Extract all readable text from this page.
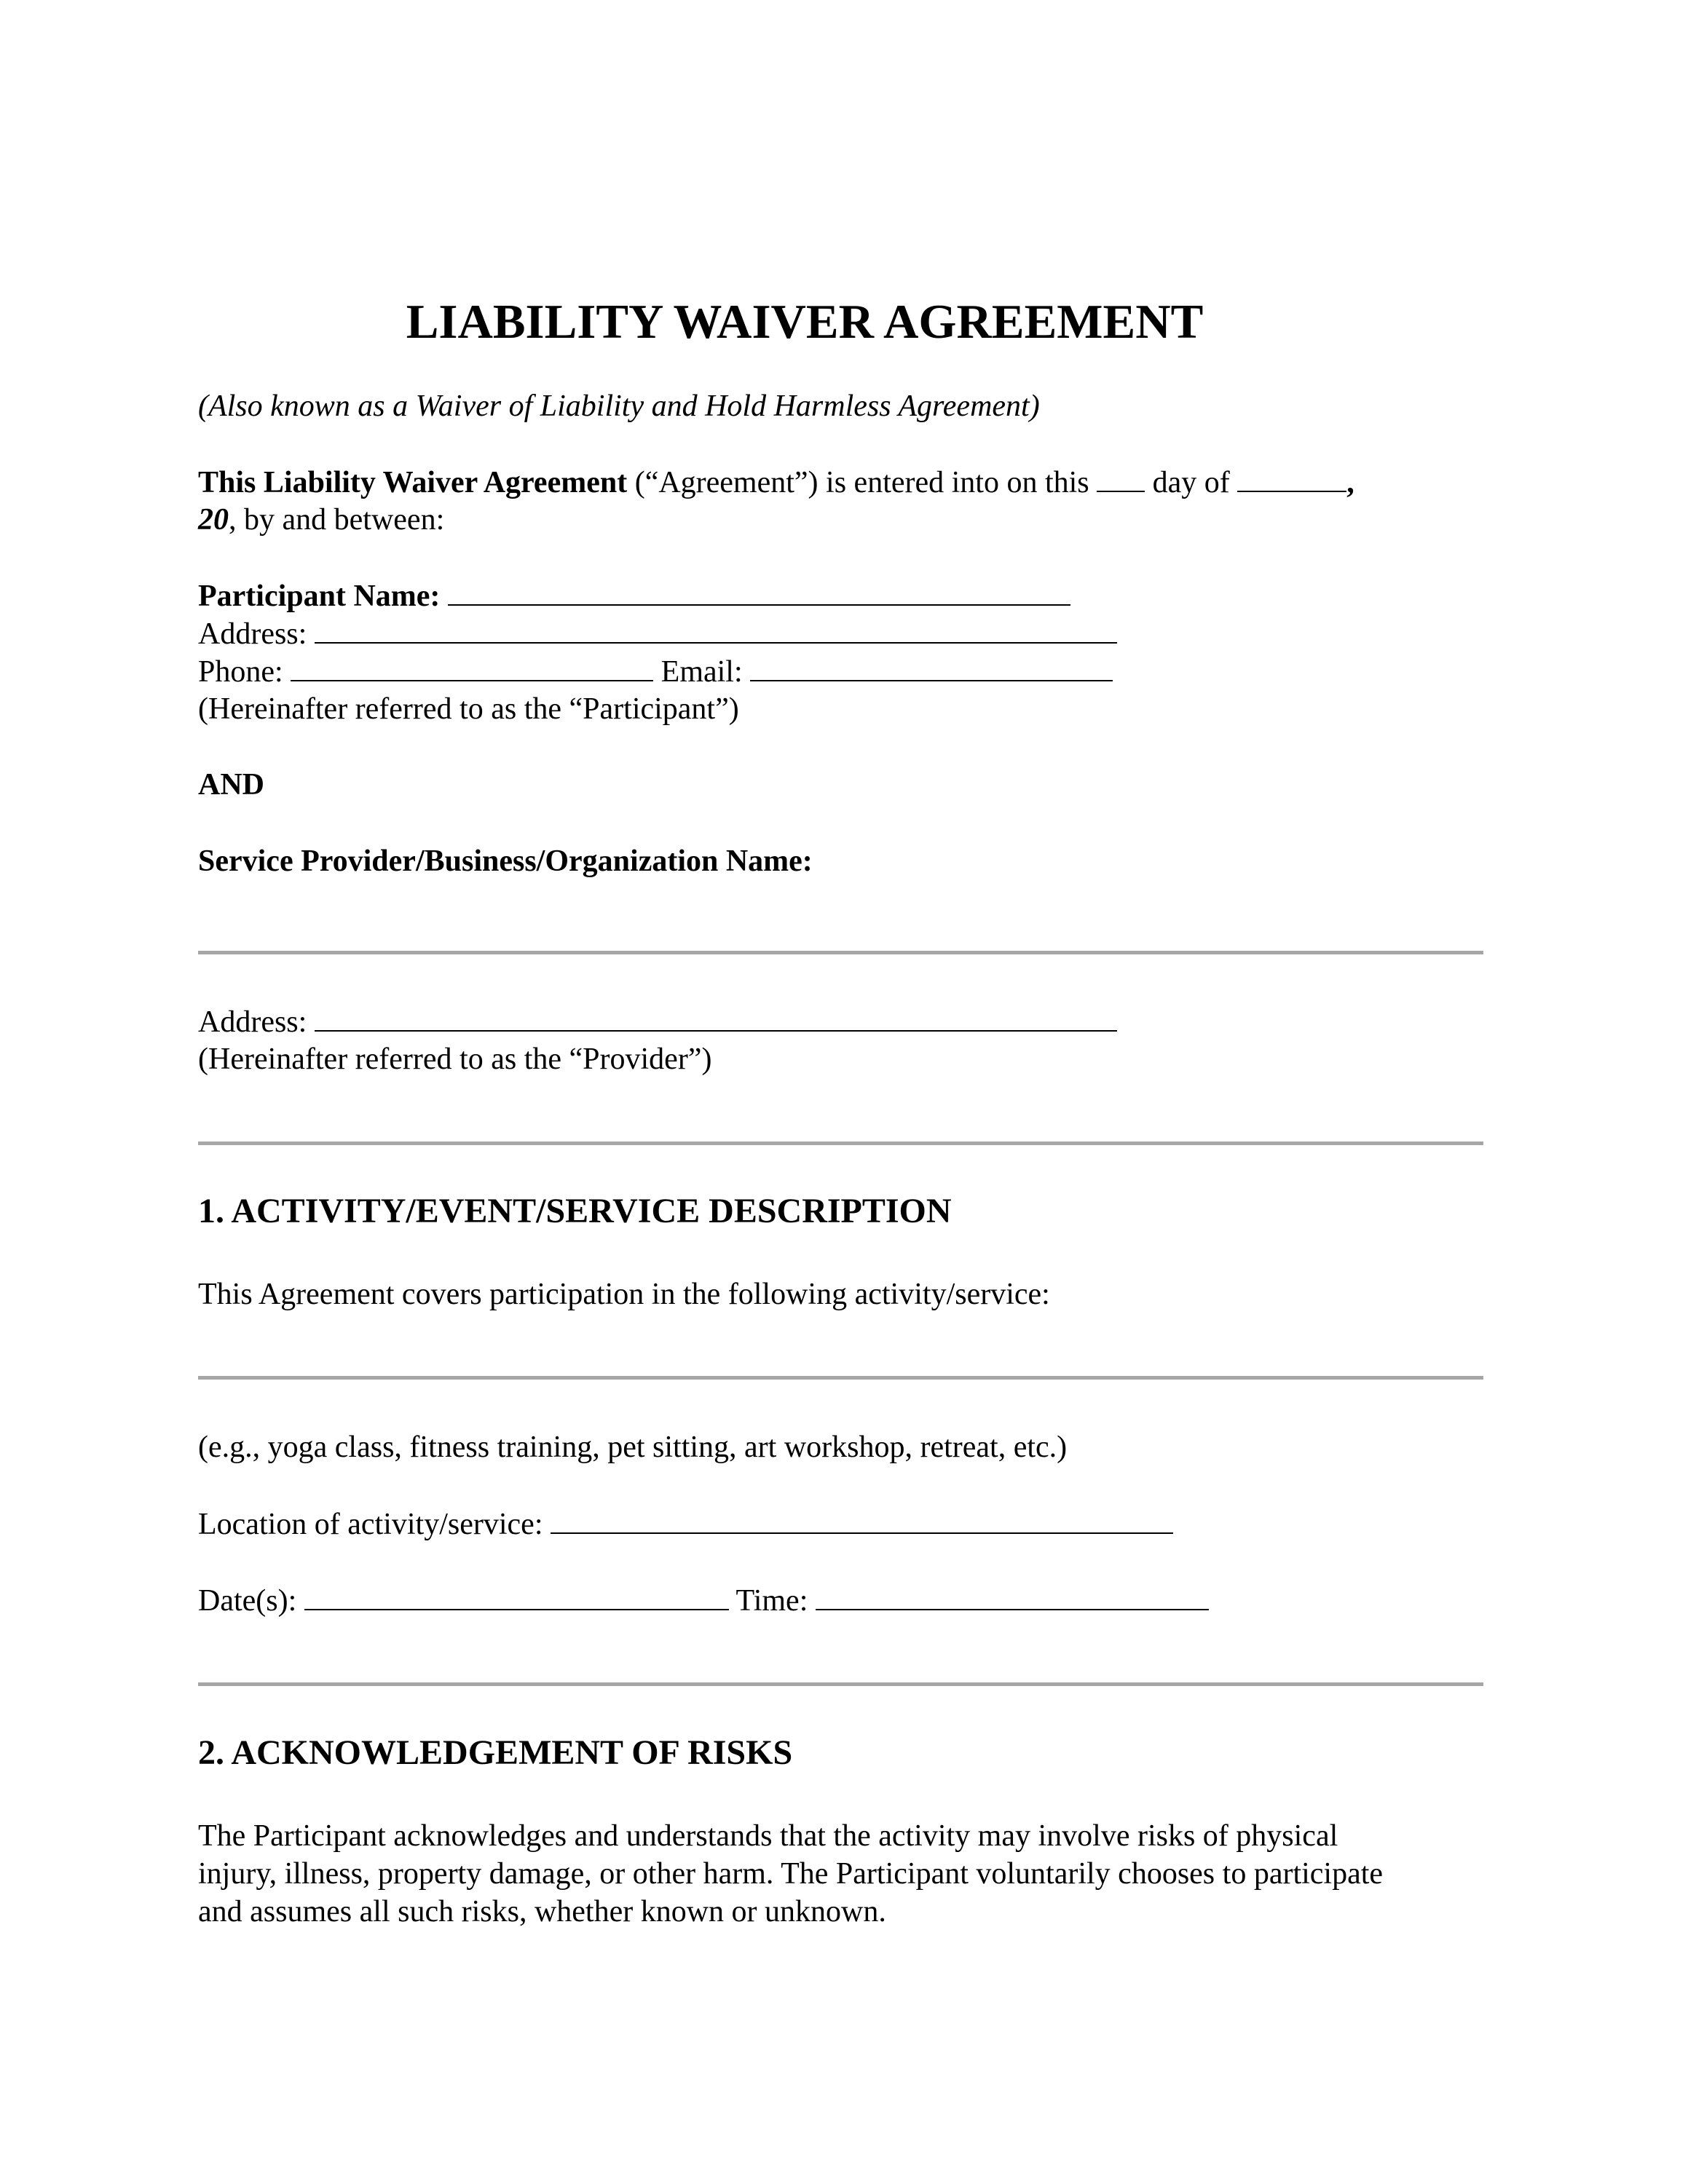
LIABILITY WAIVER AGREEMENT
(Also known as a Waiver of Liability and Hold Harmless Agreement)
This Liability Waiver Agreement (“Agreement”) is entered into on this  day of	,
20, by and between:
Participant Name:
Address:
Phone:	Email:
(Hereinafter referred to as the “Participant”)
AND
Service Provider/Business/Organization Name:
Address:
(Hereinafter referred to as the “Provider”)
1. ACTIVITY/EVENT/SERVICE DESCRIPTION
This Agreement covers participation in the following activity/service:
(e.g., yoga class, fitness training, pet sitting, art workshop, retreat, etc.)
Location of activity/service:
Date(s):	Time:
2. ACKNOWLEDGEMENT OF RISKS
The Participant acknowledges and understands that the activity may involve risks of physical
injury, illness, property damage, or other harm. The Participant voluntarily chooses to participate
and assumes all such risks, whether known or unknown.
